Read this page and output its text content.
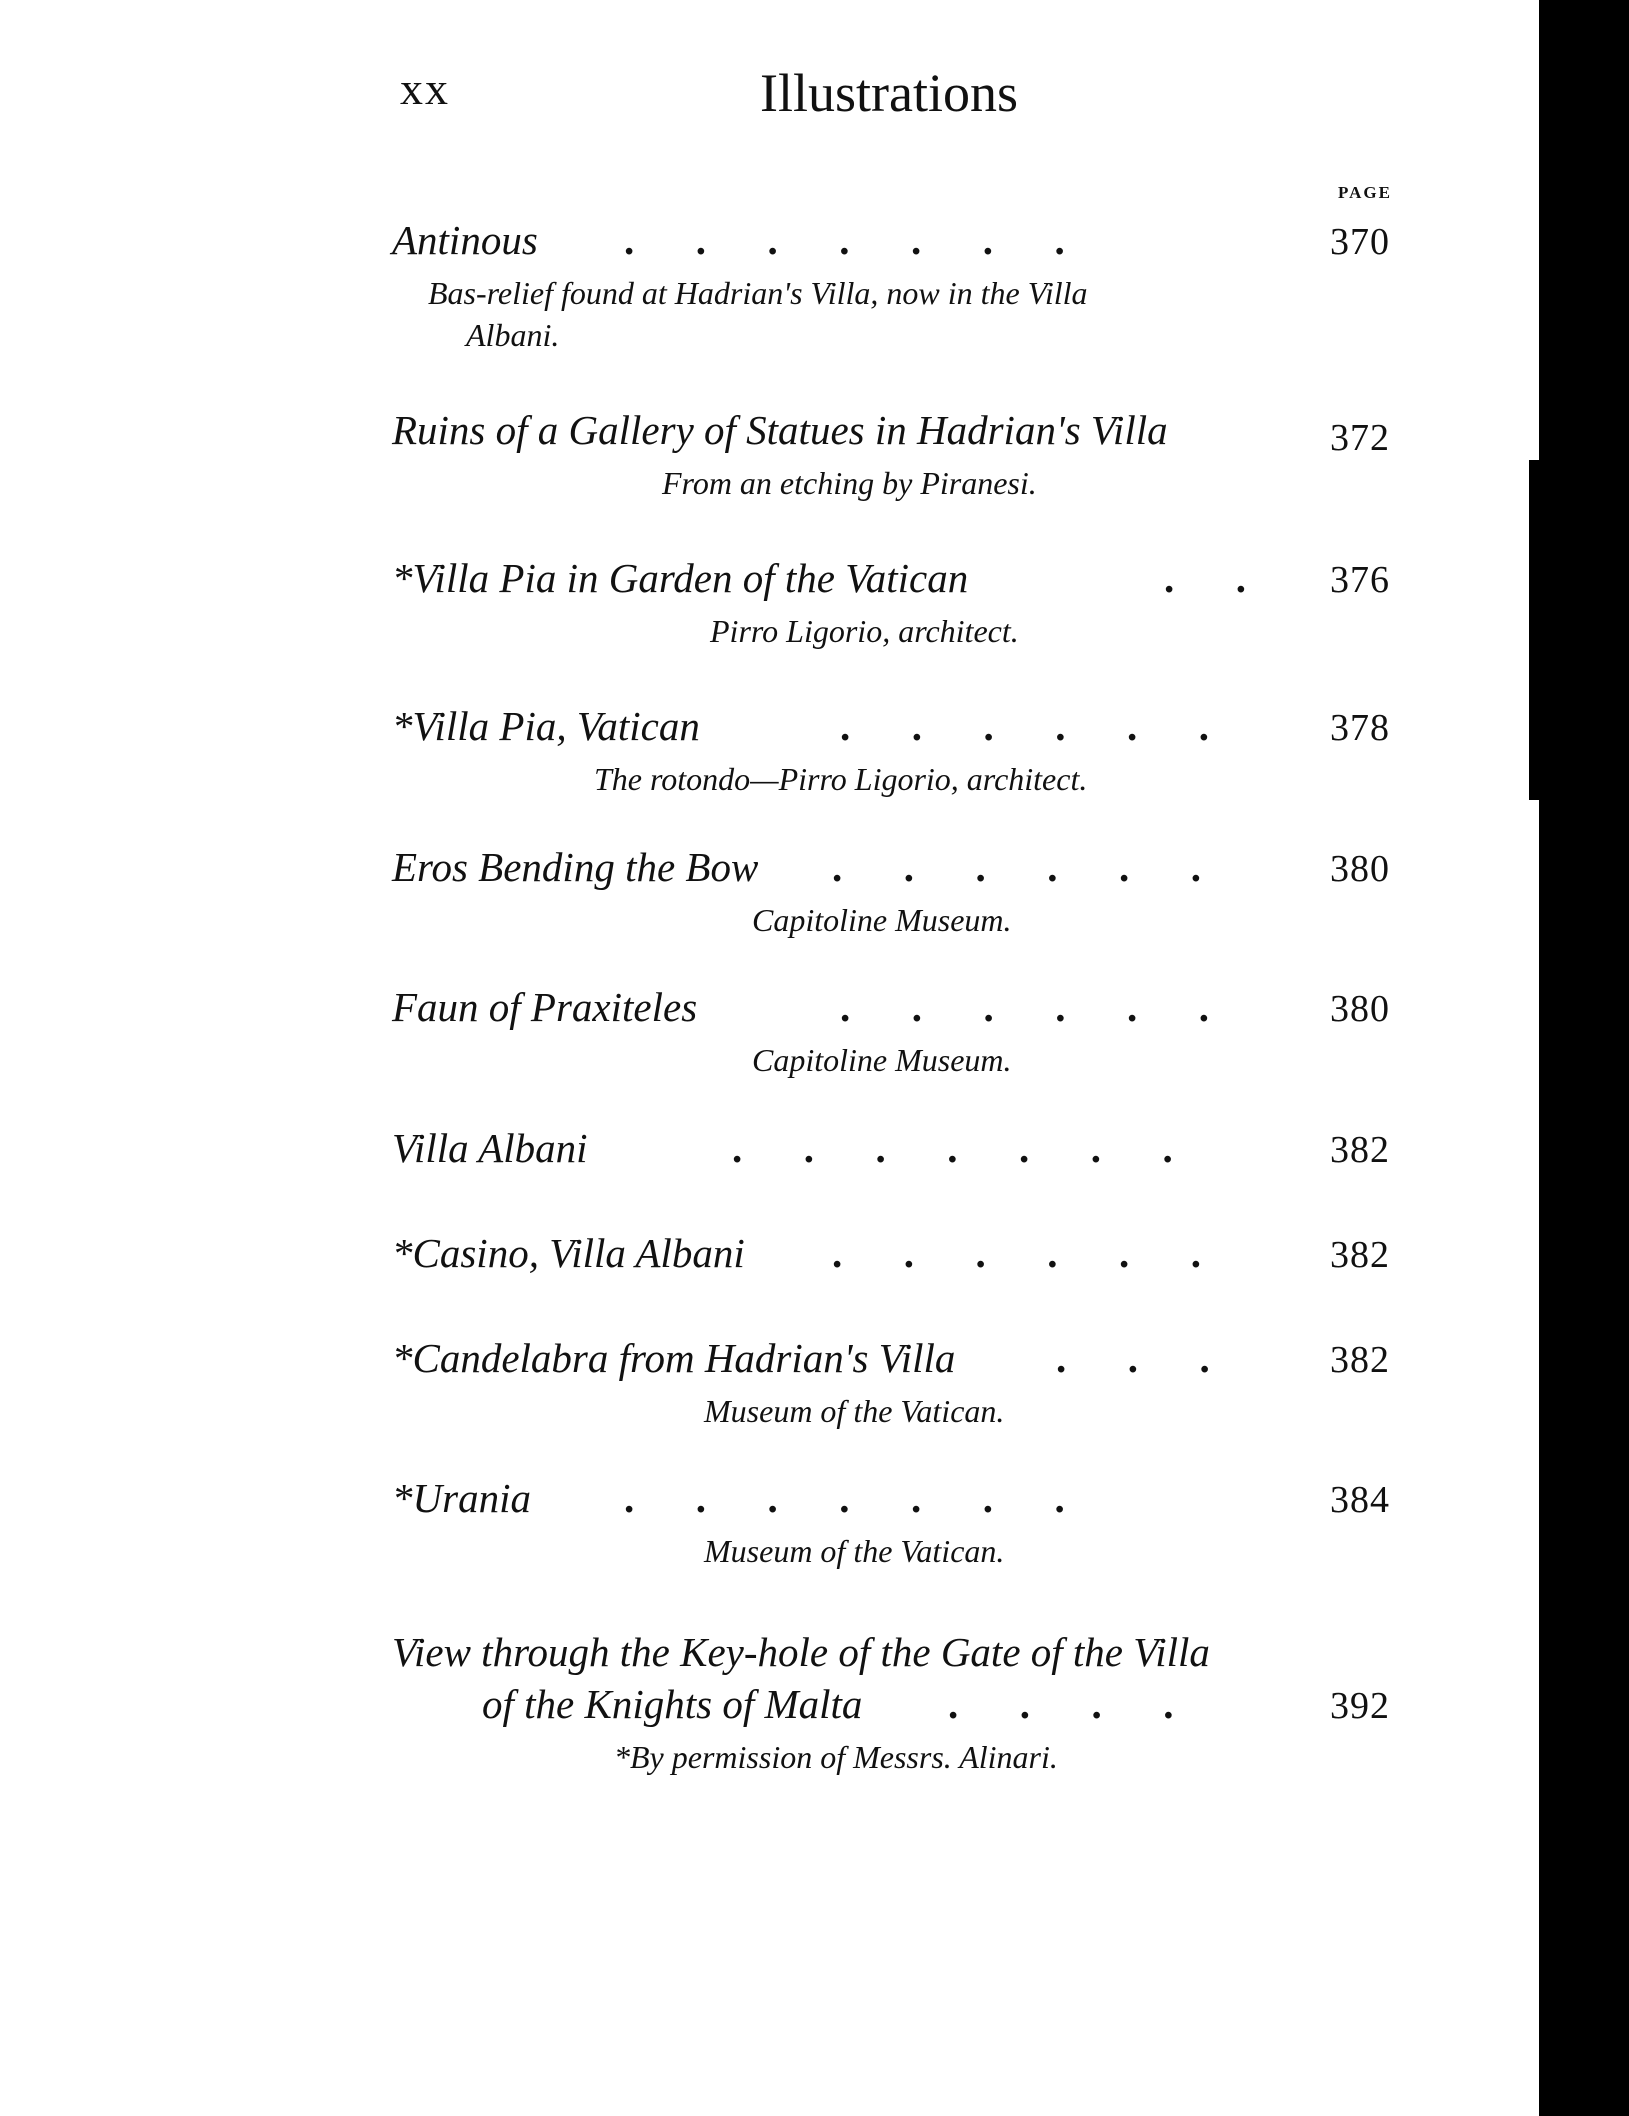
xx	Illustrations
PAGE
Antinous .      .      .      .      .      .      .	370
Bas-relief found at Hadrian's Villa, now in the Villa
Albani.
Ruins of a Gallery of Statues in Hadrian's Villa	372
From an etching by Piranesi.
*Villa Pia in Garden of the Vatican	.      . 376
Pirro Ligorio, architect.
*Villa Pia, Vatican	.      .      .      .      .      .	378
The rotondo—Pirro Ligorio, architect.
Eros Bending the Bow .      .      .      .      .      .	380
Capitoline Museum.
Faun of Praxiteles	.      .      .      .      .      .	380
Capitoline Museum.
Villa Albani	.      .      .      .      .      .      .	382
*Casino, Villa Albani .      .      .      .      .      .	382
*Candelabra from Hadrian's Villa .      .      .	382
Museum of the Vatican.
*Urania .      .      .      .      .      .      .	384
Museum of the Vatican.
View through the Key-hole of the Gate of the Villa
of the Knights of Malta .      .      .      .	392
*By permission of Messrs. Alinari.
